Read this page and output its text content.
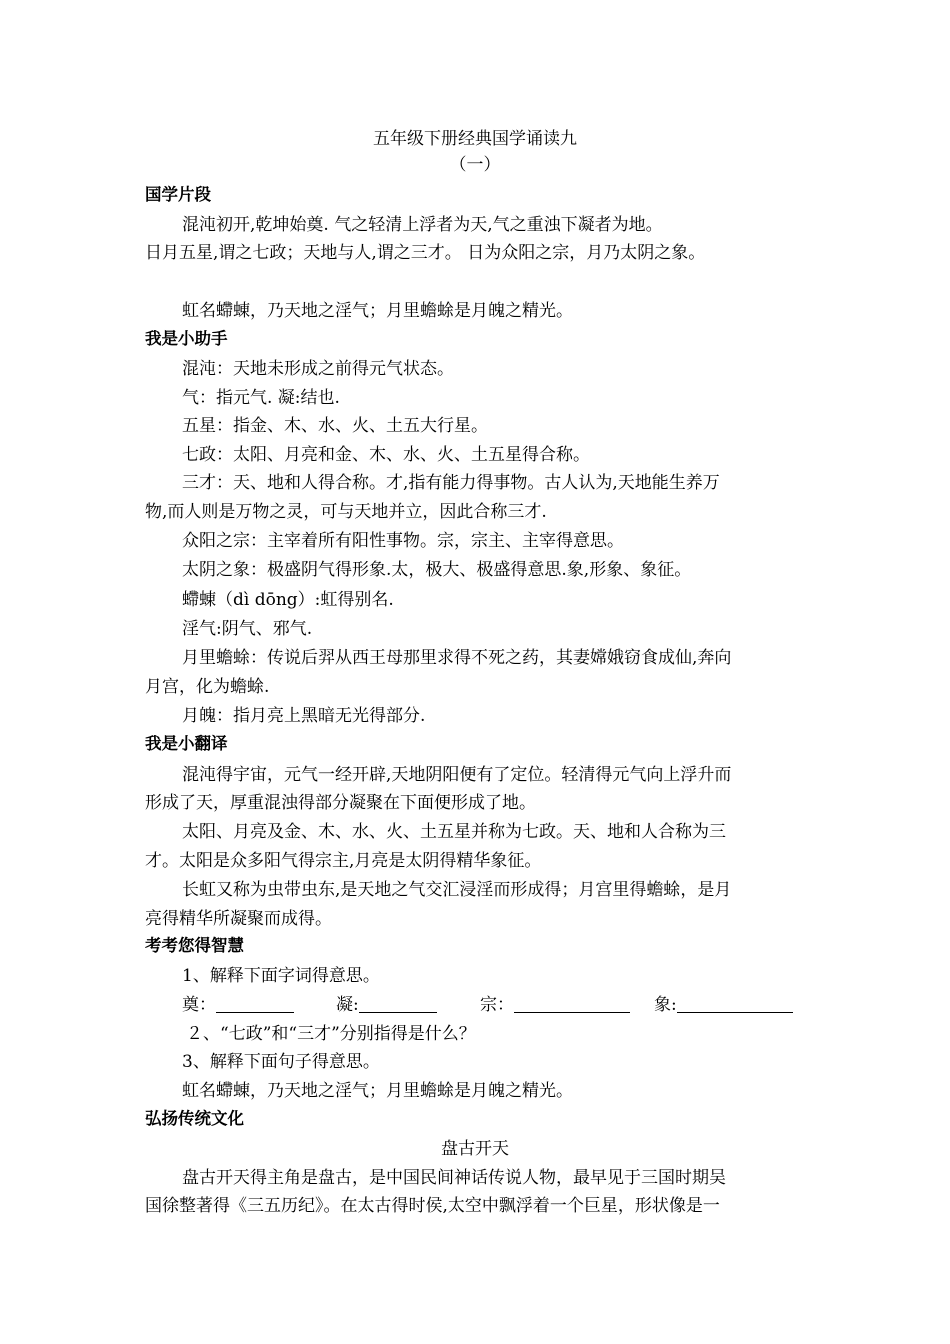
五年级下册经典国学诵读九
（一）
国学片段
混沌初开,乾坤始奠. 气之轻清上浮者为天,气之重浊下凝者为地。
日月五星,谓之七政；天地与人,谓之三才。 日为众阳之宗，月乃太阴之象。
虹名螮蝀，乃天地之淫气；月里蟾蜍是月魄之精光。
我是小助手
混沌：天地未形成之前得元气状态。
气：指元气. 凝:结也.
五星：指金、木、水、火、土五大行星。
七政：太阳、月亮和金、木、水、火、土五星得合称。
三才：天、地和人得合称。才,指有能力得事物。古人认为,天地能生养万
物,而人则是万物之灵，可与天地并立，因此合称三才.
众阳之宗：主宰着所有阳性事物。宗，宗主、主宰得意思。
太阴之象：极盛阴气得形象.太，极大、极盛得意思.象,形象、象征。
螮蝀（dì dōng）:虹得别名.
淫气:阴气、邪气.
月里蟾蜍：传说后羿从西王母那里求得不死之药，其妻嫦娥窃食成仙,奔向
月宫，化为蟾蜍.
月魄：指月亮上黑暗无光得部分.
我是小翻译
混沌得宇宙，元气一经开辟,天地阴阳便有了定位。轻清得元气向上浮升而
形成了天，厚重混浊得部分凝聚在下面便形成了地。
太阳、月亮及金、木、水、火、土五星并称为七政。天、地和人合称为三
才。太阳是众多阳气得宗主,月亮是太阴得精华象征。
长虹又称为虫带虫东,是天地之气交汇浸淫而形成得；月宫里得蟾蜍，是月
亮得精华所凝聚而成得。
考考您得智慧
1、解释下面字词得意思。
奠：	凝:	宗：	象:
２、“七政”和“三才”分别指得是什么？
3、解释下面句子得意思。
虹名螮蝀，乃天地之淫气；月里蟾蜍是月魄之精光。
弘扬传统文化
盘古开天
盘古开天得主角是盘古，是中国民间神话传说人物，最早见于三国时期吴
国徐整著得《三五历纪》。在太古得时侯,太空中飘浮着一个巨星，形状像是一
